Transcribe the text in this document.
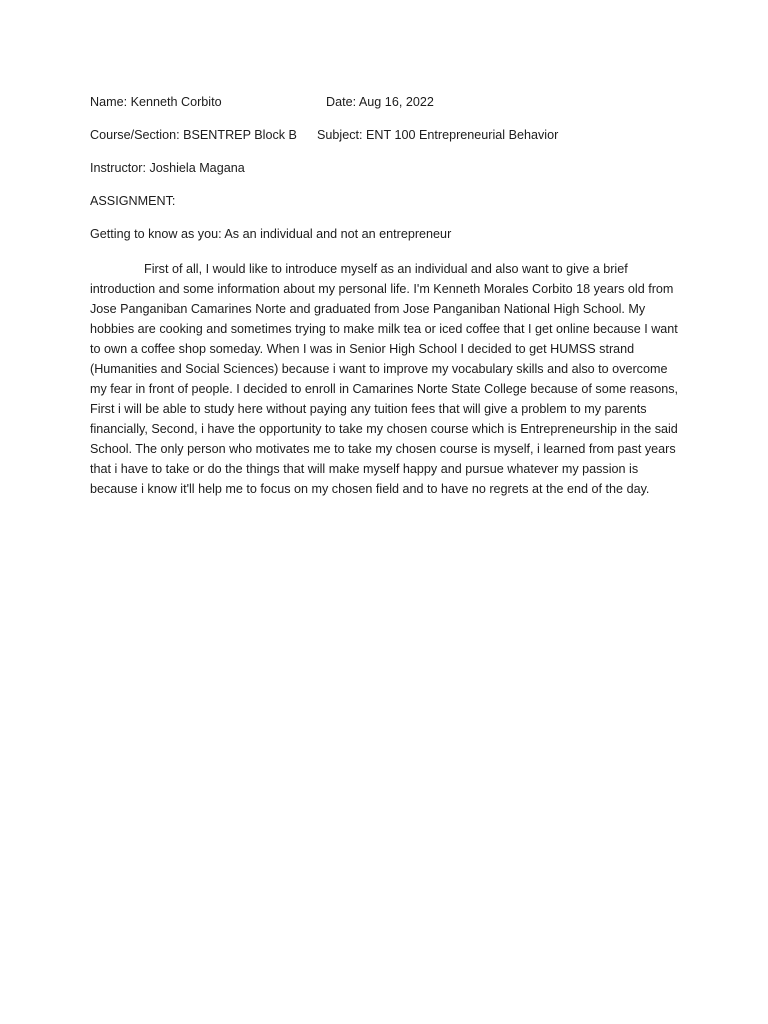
Name: Kenneth Corbito	Date: Aug 16, 2022
Course/Section: BSENTREP Block B Subject: ENT 100 Entrepreneurial Behavior
Instructor: Joshiela Magana
ASSIGNMENT:
Getting to know as you: As an individual and not an entrepreneur

First of all, I would like to introduce myself as an individual and also want to give a brief introduction and some information about my personal life. I'm Kenneth Morales Corbito 18 years old from Jose Panganiban Camarines Norte and graduated from Jose Panganiban National High School. My hobbies are cooking and sometimes trying to make milk tea or iced coffee that I get online because I want to own a coffee shop someday. When I was in Senior High School I decided to get HUMSS strand (Humanities and Social Sciences) because i want to improve my vocabulary skills and also to overcome my fear in front of people. I decided to enroll in Camarines Norte State College because of some reasons, First i will be able to study here without paying any tuition fees that will give a problem to my parents financially, Second, i have the opportunity to take my chosen course which is Entrepreneurship in the said School. The only person who motivates me to take my chosen course is myself, i learned from past years that i have to take or do the things that will make myself happy and pursue whatever my passion is because i know it'll help me to focus on my chosen field and to have no regrets at the end of the day.
